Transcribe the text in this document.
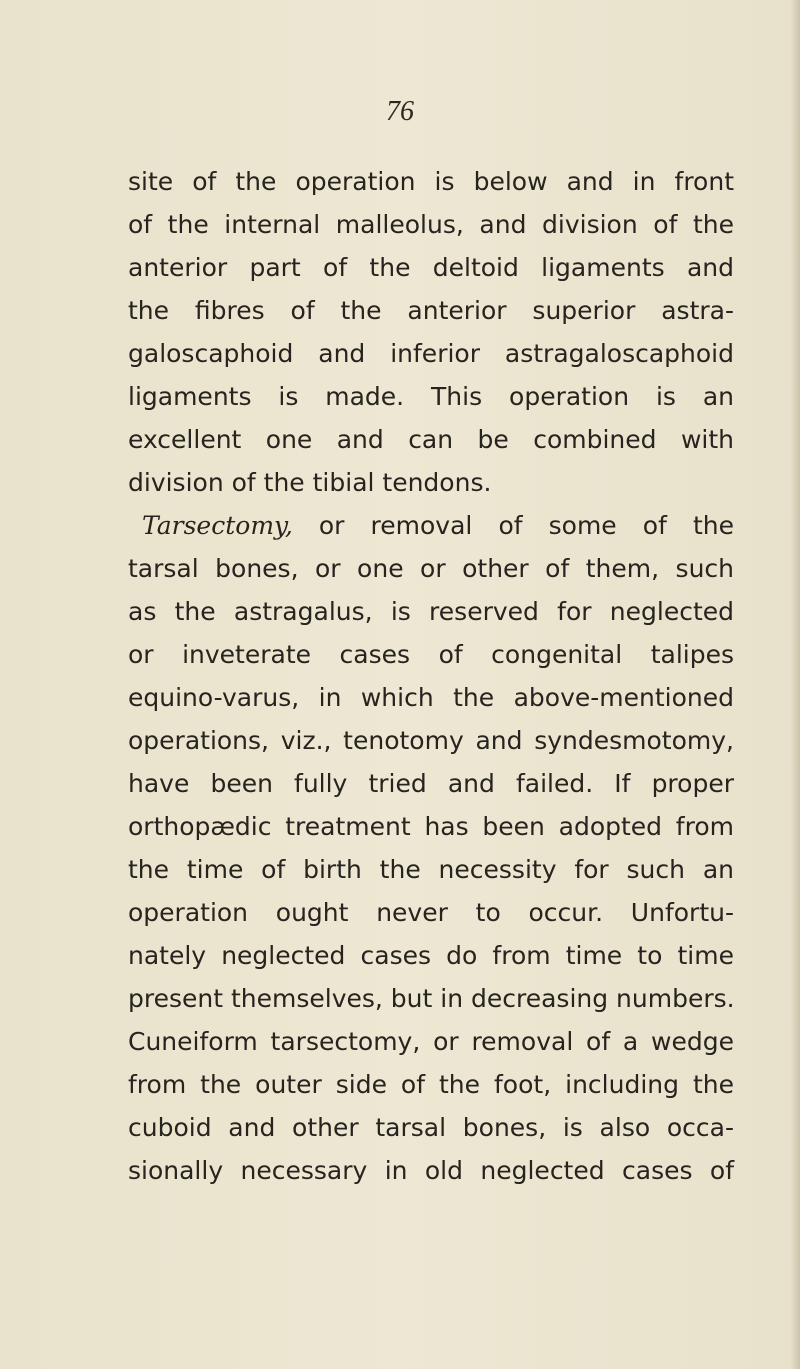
76
site of the operation is below and in front
of the internal malleolus, and division of the
anterior part of the deltoid ligaments and
the fibres of the anterior superior astra-
galoscaphoid and inferior astragaloscaphoid
ligaments is made. This operation is an
excellent one and can be combined with
division of the tibial tendons.
Tarsectomy, or removal of some of the
tarsal bones, or one or other of them, such
as the astragalus, is reserved for neglected
or inveterate cases of congenital talipes
equino-varus, in which the above-mentioned
operations, viz., tenotomy and syndesmotomy,
have been fully tried and failed. If proper
orthopædic treatment has been adopted from
the time of birth the necessity for such an
operation ought never to occur. Unfortu-
nately neglected cases do from time to time
present themselves, but in decreasing numbers.
Cuneiform tarsectomy, or removal of a wedge
from the outer side of the foot, including the
cuboid and other tarsal bones, is also occa-
sionally necessary in old neglected cases of
